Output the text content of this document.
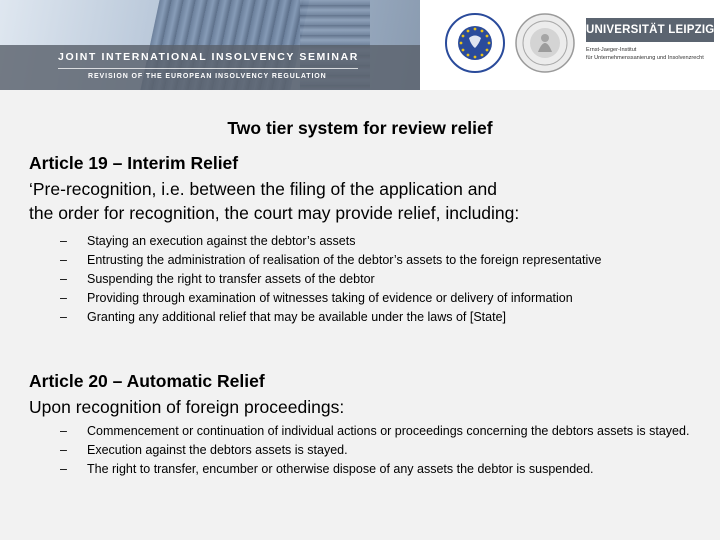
JOINT INTERNATIONAL INSOLVENCY SEMINAR
REVISION OF THE EUROPEAN INSOLVENCY REGULATION
UNIVERSITÄT LEIPZIG
Ernst-Jaeger-Institut
für Unternehmenssanierung und Insolvenzrecht
Two tier system for review relief
Article 19 – Interim Relief
‘Pre-recognition, i.e. between the filing of the application and
the order for recognition, the court may provide relief, including:
– Staying an execution against the debtor’s assets
– Entrusting the administration of realisation of the debtor’s assets to the foreign representative
– Suspending the right to transfer assets of the debtor
– Providing through examination of witnesses taking of evidence or delivery of information
– Granting any additional relief that may be available under the laws of [State]
Article 20 – Automatic Relief
Upon recognition of foreign proceedings:
– Commencement or continuation of individual actions or proceedings concerning the debtors assets is stayed.
– Execution against the debtors assets is stayed.
– The right to transfer, encumber or otherwise dispose of any assets the debtor is suspended.
